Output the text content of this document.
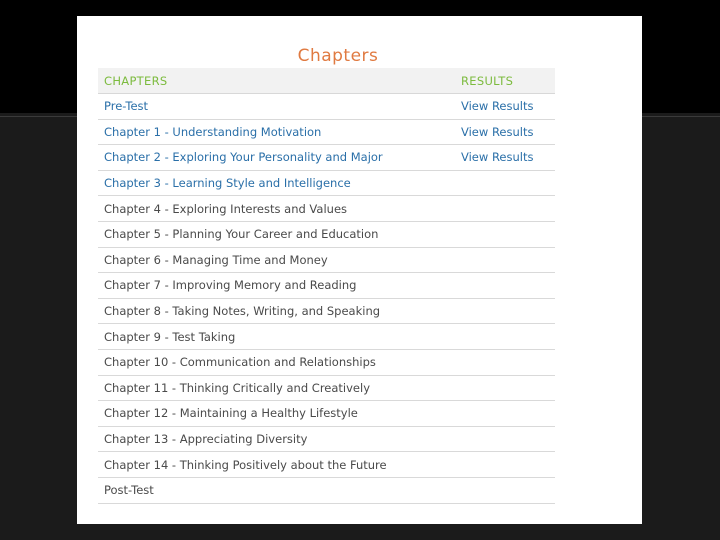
Chapters
CHAPTERS	RESULTS
Pre-Test	View Results
Chapter 1 - Understanding Motivation	View Results
Chapter 2 - Exploring Your Personality and Major	View Results
Chapter 3 - Learning Style and Intelligence
Chapter 4 - Exploring Interests and Values
Chapter 5 - Planning Your Career and Education
Chapter 6 - Managing Time and Money
Chapter 7 - Improving Memory and Reading
Chapter 8 - Taking Notes, Writing, and Speaking
Chapter 9 - Test Taking
Chapter 10 - Communication and Relationships
Chapter 11 - Thinking Critically and Creatively
Chapter 12 - Maintaining a Healthy Lifestyle
Chapter 13 - Appreciating Diversity
Chapter 14 - Thinking Positively about the Future
Post-Test
